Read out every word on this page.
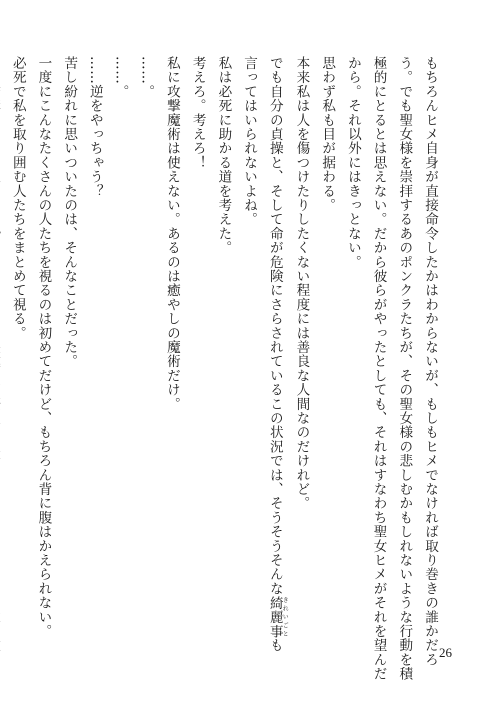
もちろんヒメ自身が直接命令したかはわからないが、もしもヒメでなければ取り巻きの誰かだろ
う。でも聖女様を崇拝するあのポンクラたちが、その聖女様の悲しむかもしれないような行動を積
極的にとるとは思えない。だから彼らがやったとしても、それはすなわち聖女ヒメがそれを望んだ
から。それ以外にはきっとない。
思わず私も目が据わる。
本来私は人を傷つけたりしたくない程度には善良な人間なのだけれど。
でも自分の貞操と、そして命が危険にさらされているこの状況では、そうそうそんな綺麗事きれいごとも
言ってはいられないよね。
私は必死に助かる道を考えた。
考えろ。考えろ！
私に攻撃魔術は使えない。あるのは癒やしの魔術だけ。
……。
……。
……逆をやっちゃう？
苦し紛れに思いついたのは、そんなことだった。
一度にこんなたくさんの人たちを視るのは初めてだけど、もちろん背に腹はかえられない。
必死で私を取り囲む人たちをまとめて視る。
26
